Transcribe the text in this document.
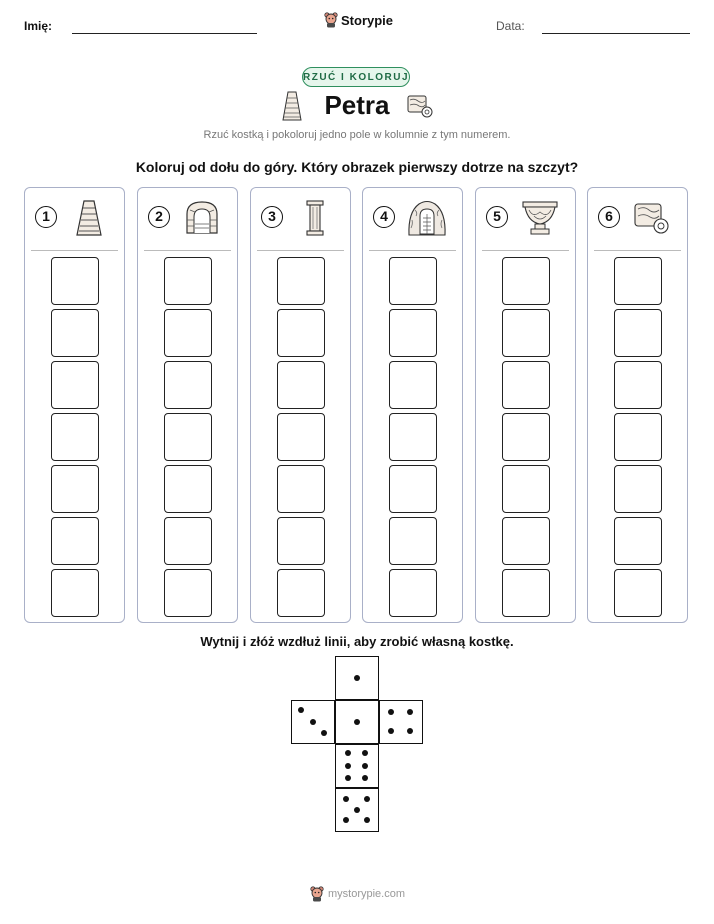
Imię:	Storypie	Data:
RZUĆ I KOLORUJ
Petra
Rzuć kostką i pokoloruj jedno pole w kolumnie z tym numerem.
Koloruj od dołu do góry. Który obrazek pierwszy dotrze na szczyt?
1	2	3	4	5	6
Wytnij i złóż wzdłuż linii, aby zrobić własną kostkę.
mystorypie.com
